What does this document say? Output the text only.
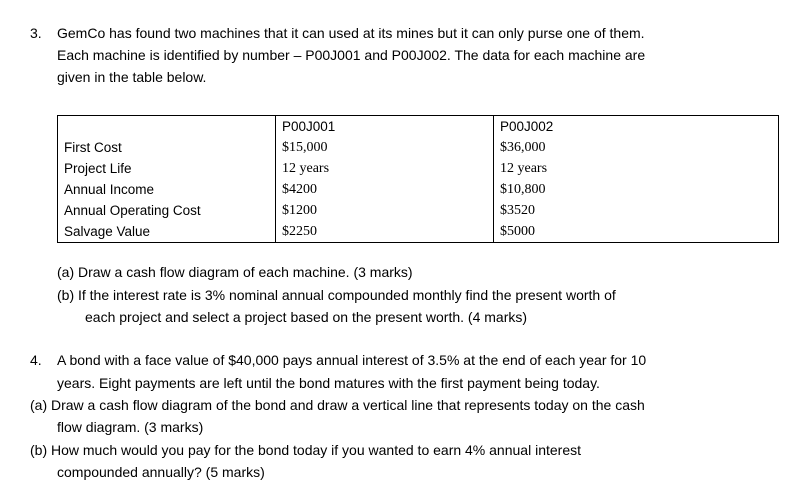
3. GemCo has found two machines that it can used at its mines but it can only purse one of them.
Each machine is identified by number – P00J001 and P00J002. The data for each machine are
given in the table below.
	P00J001	P00J002
First Cost	$15,000	$36,000
Project Life	12 years	12 years
Annual Income	$4200	$10,800
Annual Operating Cost	$1200	$3520
Salvage Value	$2250	$5000
(a) Draw a cash flow diagram of each machine. (3 marks)
(b) If the interest rate is 3% nominal annual compounded monthly find the present worth of
each project and select a project based on the present worth. (4 marks)
4. A bond with a face value of $40,000 pays annual interest of 3.5% at the end of each year for 10
years. Eight payments are left until the bond matures with the first payment being today.
(a) Draw a cash flow diagram of the bond and draw a vertical line that represents today on the cash
flow diagram. (3 marks)
(b) How much would you pay for the bond today if you wanted to earn 4% annual interest
compounded annually? (5 marks)
